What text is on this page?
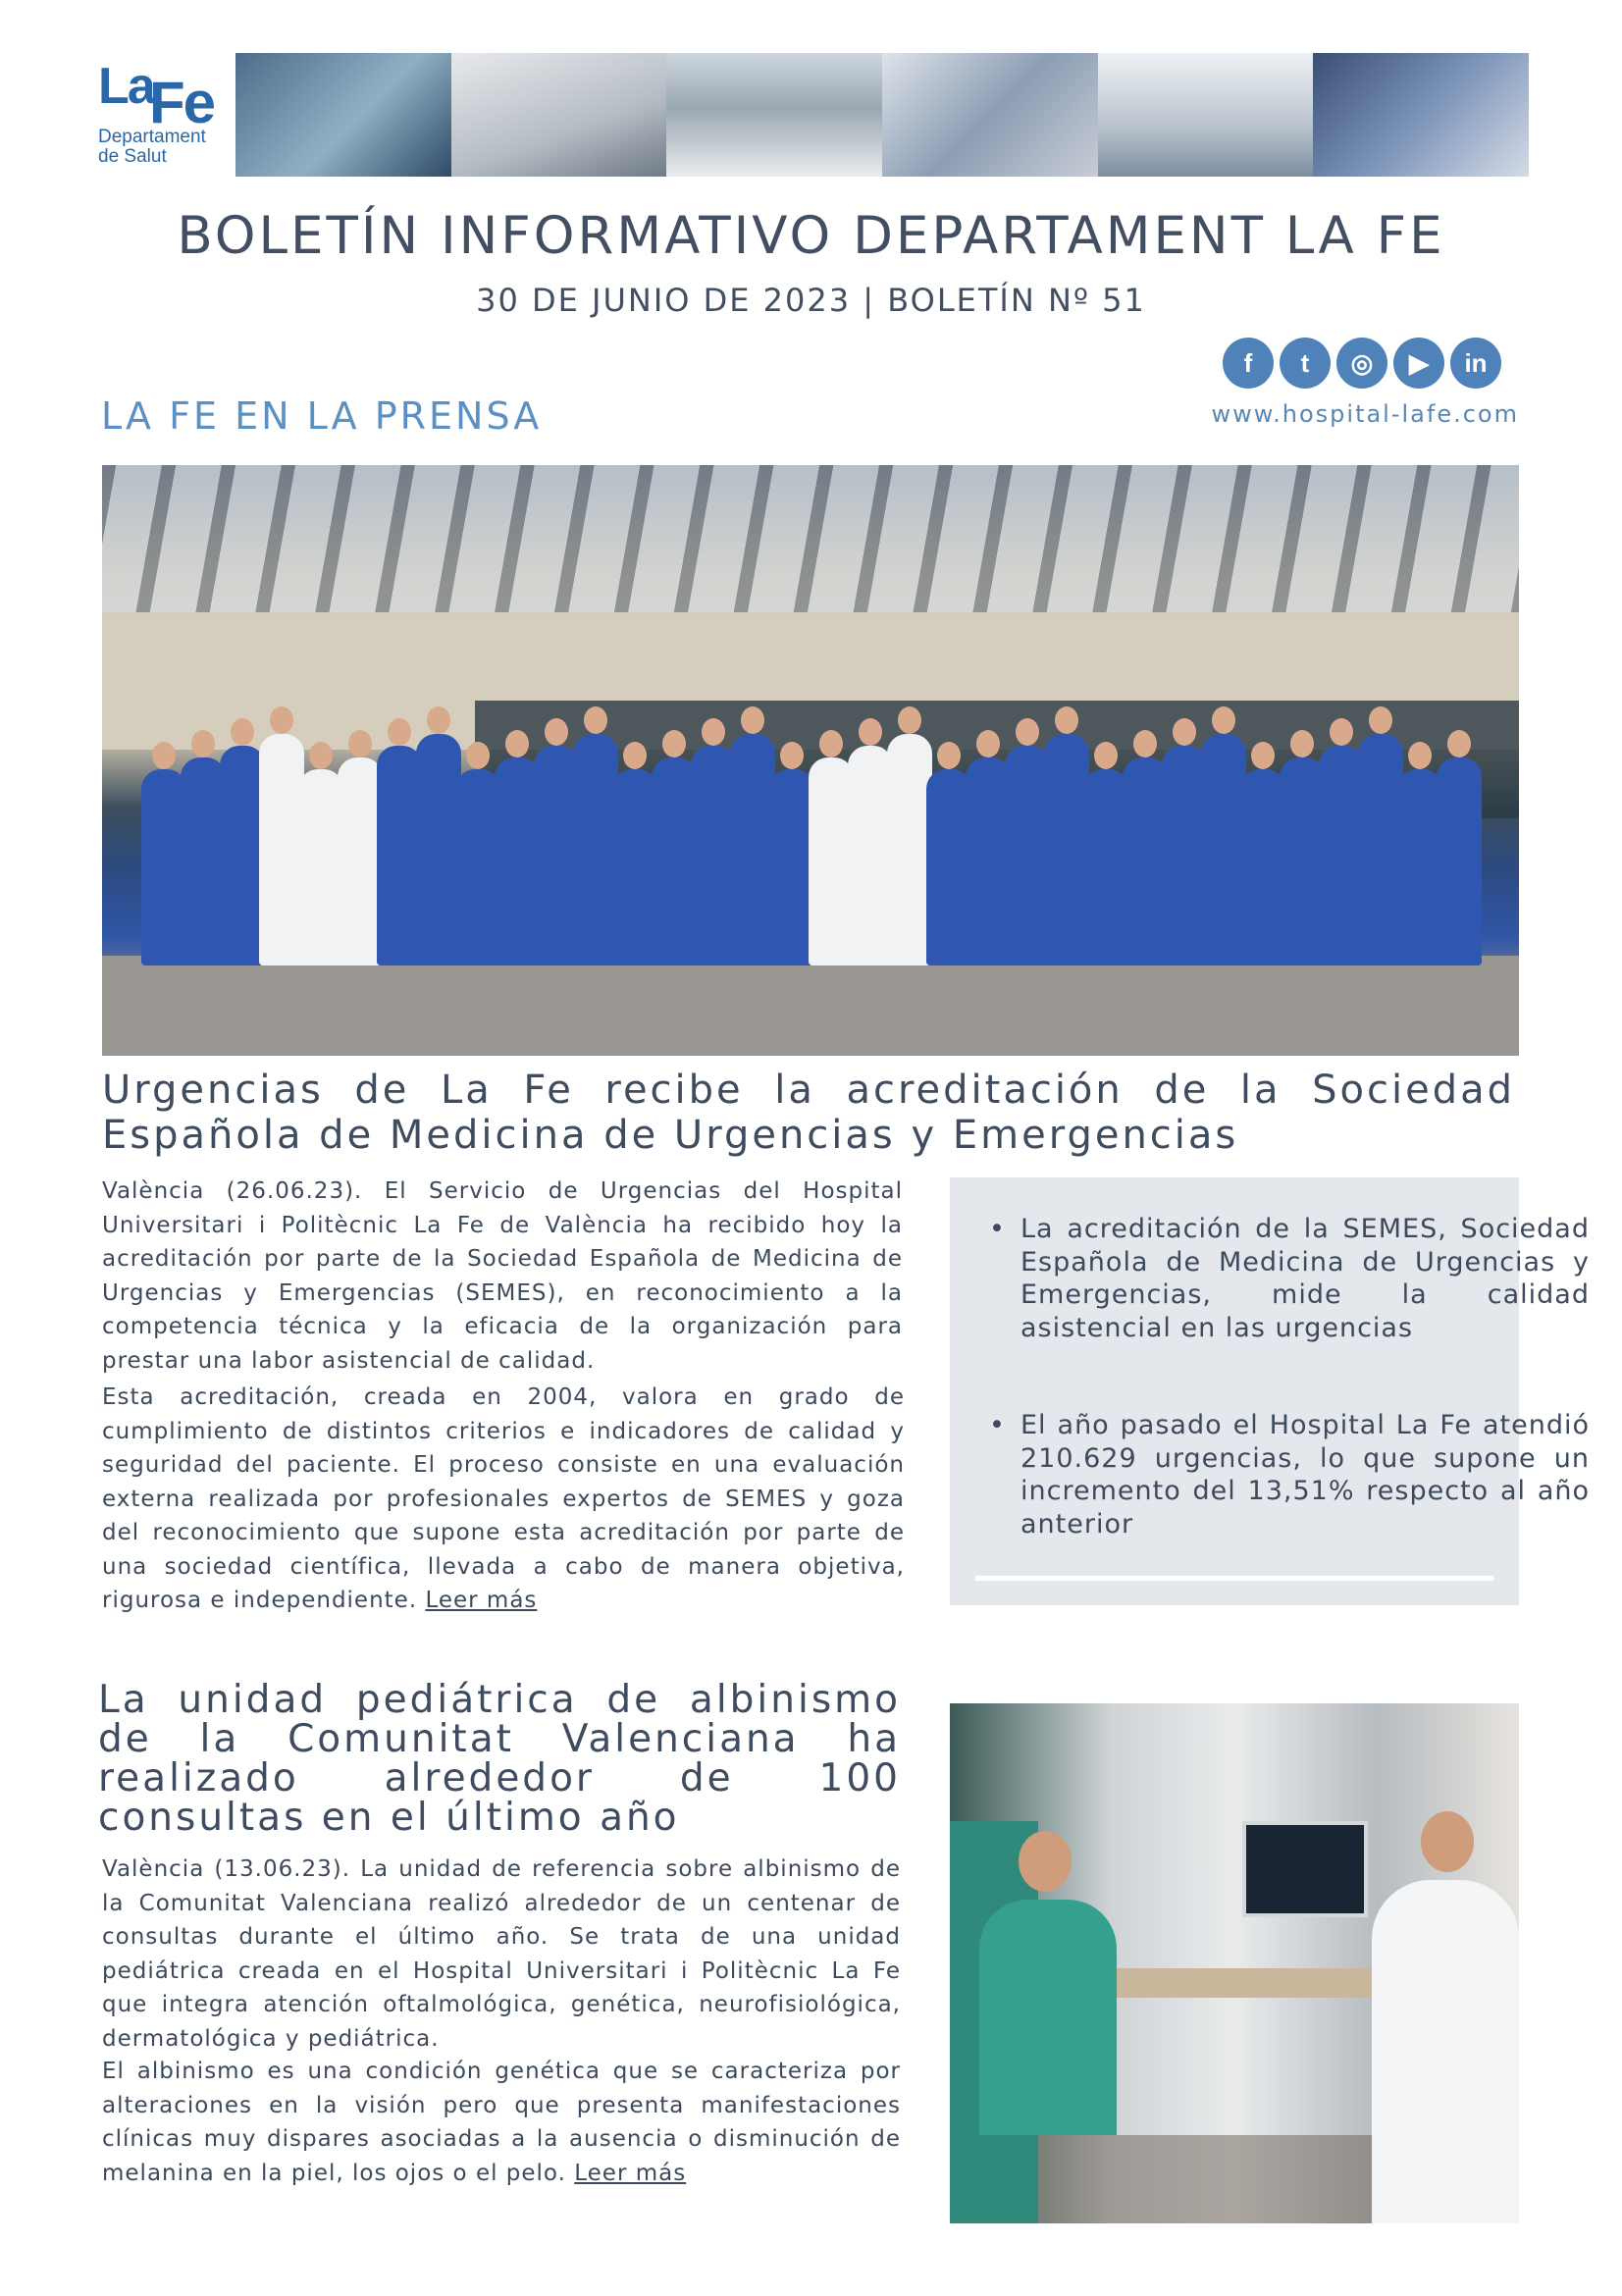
La
Fe
Departament
de Salut
BOLETÍN INFORMATIVO DEPARTAMENT LA FE
30 DE JUNIO DE 2023 | BOLETÍN Nº 51
f	t	◎	▶	in
www.hospital-lafe.com
LA FE EN LA PRENSA
Urgencias de La Fe recibe la acreditación de la Sociedad Española de Medicina de Urgencias y Emergencias
València (26.06.23). El Servicio de Urgencias del Hospital Universitari i Politècnic La Fe de València ha recibido hoy la acreditación por parte de la Sociedad Española de Medicina de Urgencias y Emergencias (SEMES), en reconocimiento a la competencia técnica y la eficacia de la organización para prestar una labor asistencial de calidad.
Esta acreditación, creada en 2004, valora en grado de cumplimiento de distintos criterios e indicadores de calidad y seguridad del paciente. El proceso consiste en una evaluación externa realizada por profesionales expertos de SEMES y goza del reconocimiento que supone esta acreditación por parte de una sociedad científica, llevada a cabo de manera objetiva, rigurosa e independiente. Leer más
• La acreditación de la SEMES, Sociedad Española de Medicina de Urgencias y Emergencias, mide la calidad asistencial en las urgencias
• El año pasado el Hospital La Fe atendió 210.629 urgencias, lo que supone un incremento del 13,51% respecto al año anterior
La unidad pediátrica de albinismo de la Comunitat Valenciana ha realizado alrededor de 100 consultas en el último año
València (13.06.23). La unidad de referencia sobre albinismo de la Comunitat Valenciana realizó alrededor de un centenar de consultas durante el último año. Se trata de una unidad pediátrica creada en el Hospital Universitari i Politècnic La Fe que integra atención oftalmológica, genética, neurofisiológica, dermatológica y pediátrica.
El albinismo es una condición genética que se caracteriza por alteraciones en la visión pero que presenta manifestaciones clínicas muy dispares asociadas a la ausencia o disminución de melanina en la piel, los ojos o el pelo. Leer más
